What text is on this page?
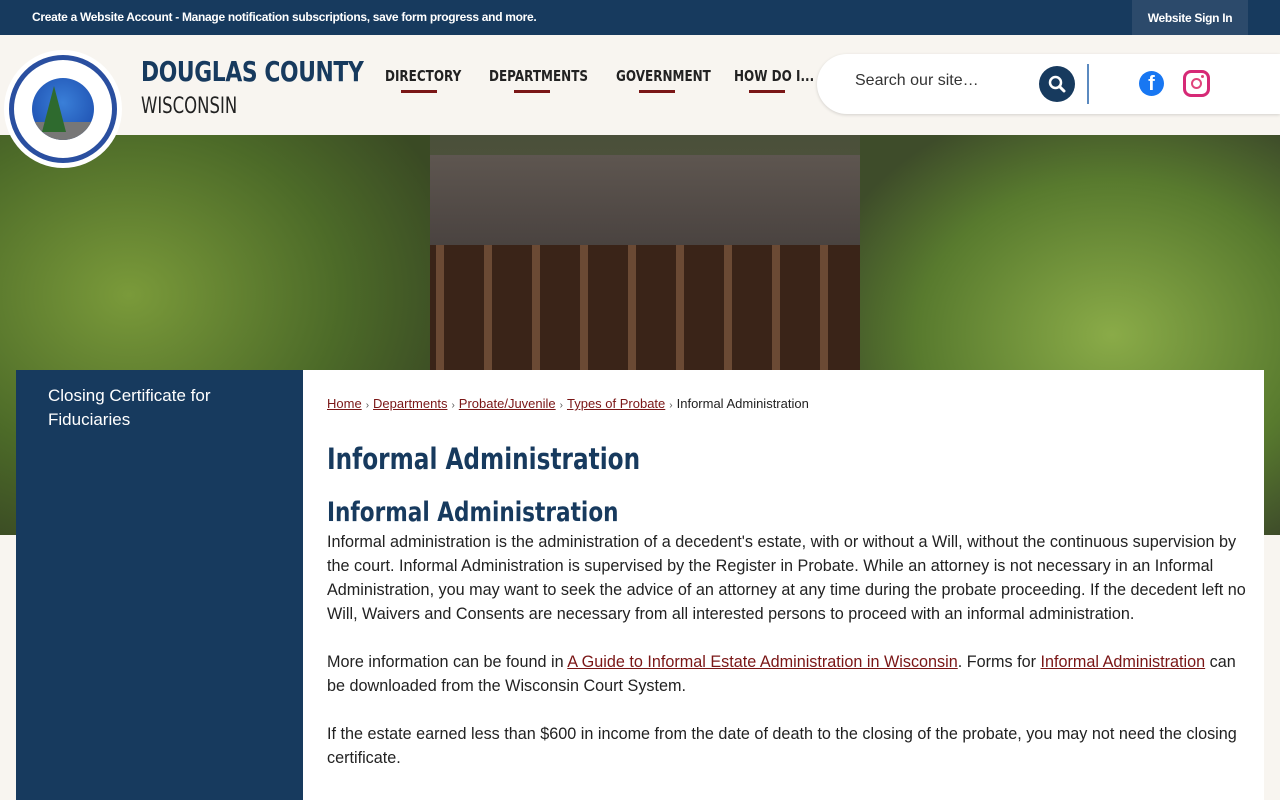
Create a Website Account - Manage notification subscriptions, save form progress and more.	Website Sign In
DOUGLAS COUNTY
WISCONSIN
DIRECTORY DEPARTMENTS GOVERNMENT HOW DO I...
Search our site…	f
Closing Certificate for Fiduciaries
Home › Departments › Probate/Juvenile › Types of Probate › Informal Administration
Informal Administration
Informal Administration

Informal administration is the administration of a decedent's estate, with or without a Will, without the continuous supervision by the court. Informal Administration is supervised by the Register in Probate. While an attorney is not necessary in an Informal Administration, you may want to seek the advice of an attorney at any time during the probate proceeding. If the decedent left no Will, Waivers and Consents are necessary from all interested persons to proceed with an informal administration.

More information can be found in A Guide to Informal Estate Administration in Wisconsin. Forms for Informal Administration can be downloaded from the Wisconsin Court System.

If the estate earned less than $600 in income from the date of death to the closing of the probate, you may not need the closing certificate.
